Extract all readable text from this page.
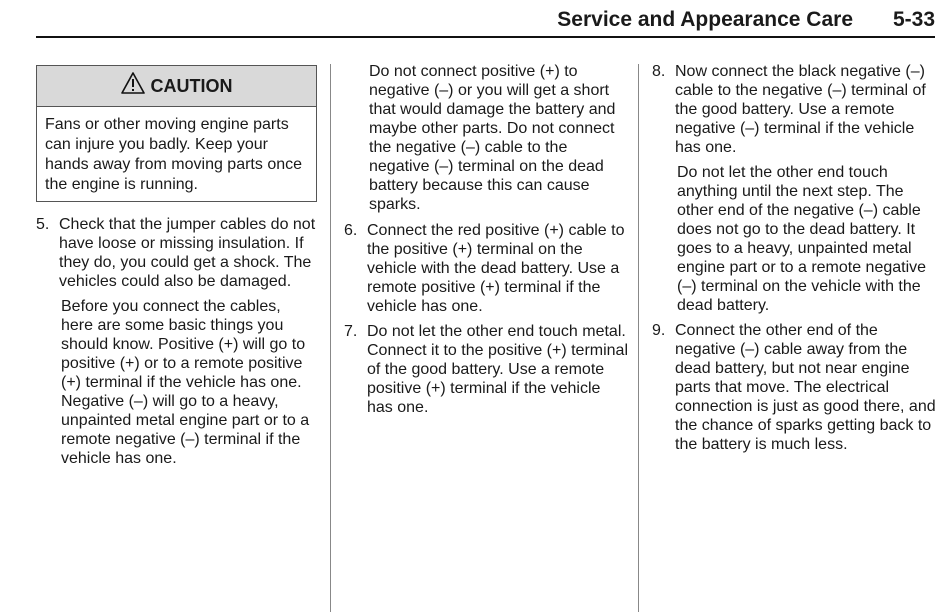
Service and Appearance Care 5-33
CAUTION
Fans or other moving engine parts can injure you badly. Keep your hands away from moving parts once the engine is running.
5. Check that the jumper cables do not have loose or missing insulation. If they do, you could get a shock. The vehicles could also be damaged.
Before you connect the cables, here are some basic things you should know. Positive (+) will go to positive (+) or to a remote positive (+) terminal if the vehicle has one. Negative (–) will go to a heavy, unpainted metal engine part or to a remote negative (–) terminal if the vehicle has one.
Do not connect positive (+) to negative (–) or you will get a short that would damage the battery and maybe other parts. Do not connect the negative (–) cable to the negative (–) terminal on the dead battery because this can cause sparks.
6. Connect the red positive (+) cable to the positive (+) terminal on the vehicle with the dead battery. Use a remote positive (+) terminal if the vehicle has one.
7. Do not let the other end touch metal. Connect it to the positive (+) terminal of the good battery. Use a remote positive (+) terminal if the vehicle has one.
8. Now connect the black negative (–) cable to the negative (–) terminal of the good battery. Use a remote negative (–) terminal if the vehicle has one.
Do not let the other end touch anything until the next step. The other end of the negative (–) cable does not go to the dead battery. It goes to a heavy, unpainted metal engine part or to a remote negative (–) terminal on the vehicle with the dead battery.
9. Connect the other end of the negative (–) cable away from the dead battery, but not near engine parts that move. The electrical connection is just as good there, and the chance of sparks getting back to the battery is much less.
